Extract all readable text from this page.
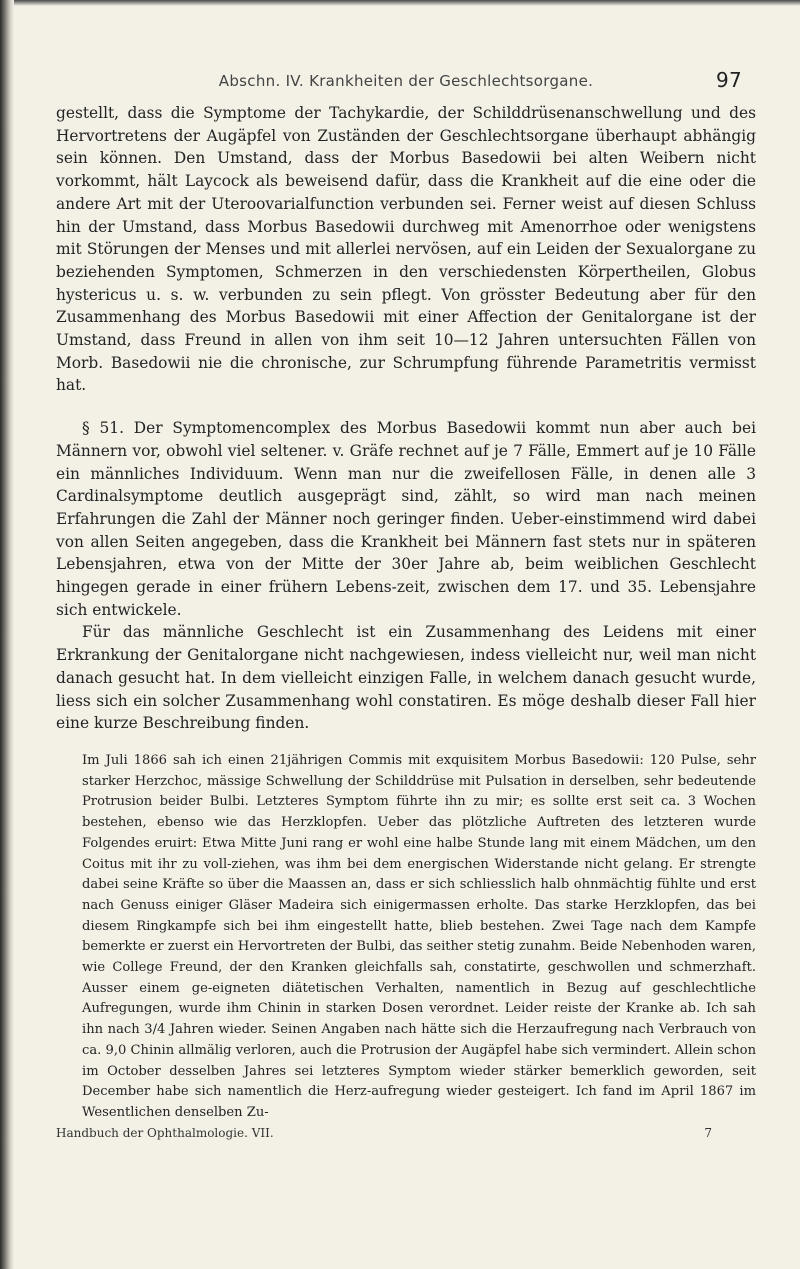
Abschn. IV. Krankheiten der Geschlechtsorgane.	97

gestellt, dass die Symptome der Tachykardie, der Schilddrüsenanschwellung und des Hervortretens der Augäpfel von Zuständen der Geschlechtsorgane überhaupt abhängig sein können. Den Umstand, dass der Morbus Basedowii bei alten Weibern nicht vorkommt, hält Laycock als beweisend dafür, dass die Krankheit auf die eine oder die andere Art mit der Uteroovarialfunction verbunden sei. Ferner weist auf diesen Schluss hin der Umstand, dass Morbus Basedowii durchweg mit Amenorrhoe oder wenigstens mit Störungen der Menses und mit allerlei nervösen, auf ein Leiden der Sexualorgane zu beziehenden Symptomen, Schmerzen in den verschiedensten Körpertheilen, Globus hystericus u. s. w. verbunden zu sein pflegt. Von grösster Bedeutung aber für den Zusammenhang des Morbus Basedowii mit einer Affection der Genitalorgane ist der Umstand, dass Freund in allen von ihm seit 10—12 Jahren untersuchten Fällen von Morb. Basedowii nie die chronische, zur Schrumpfung führende Parametritis vermisst hat.

§ 51. Der Symptomencomplex des Morbus Basedowii kommt nun aber auch bei Männern vor, obwohl viel seltener. v. Gräfe rechnet auf je 7 Fälle, Emmert auf je 10 Fälle ein männliches Individuum. Wenn man nur die zweifellosen Fälle, in denen alle 3 Cardinalsymptome deutlich ausgeprägt sind, zählt, so wird man nach meinen Erfahrungen die Zahl der Männer noch geringer finden. Ueber-einstimmend wird dabei von allen Seiten angegeben, dass die Krankheit bei Männern fast stets nur in späteren Lebensjahren, etwa von der Mitte der 30er Jahre ab, beim weiblichen Geschlecht hingegen gerade in einer frühern Lebens-zeit, zwischen dem 17. und 35. Lebensjahre sich entwickele.

Für das männliche Geschlecht ist ein Zusammenhang des Leidens mit einer Erkrankung der Genitalorgane nicht nachgewiesen, indess vielleicht nur, weil man nicht danach gesucht hat. In dem vielleicht einzigen Falle, in welchem danach gesucht wurde, liess sich ein solcher Zusammenhang wohl constatiren. Es möge deshalb dieser Fall hier eine kurze Beschreibung finden.

Im Juli 1866 sah ich einen 21jährigen Commis mit exquisitem Morbus Basedowii: 120 Pulse, sehr starker Herzchoc, mässige Schwellung der Schilddrüse mit Pulsation in derselben, sehr bedeutende Protrusion beider Bulbi. Letzteres Symptom führte ihn zu mir; es sollte erst seit ca. 3 Wochen bestehen, ebenso wie das Herzklopfen. Ueber das plötzliche Auftreten des letzteren wurde Folgendes eruirt: Etwa Mitte Juni rang er wohl eine halbe Stunde lang mit einem Mädchen, um den Coitus mit ihr zu voll-ziehen, was ihm bei dem energischen Widerstande nicht gelang. Er strengte dabei seine Kräfte so über die Maassen an, dass er sich schliesslich halb ohnmächtig fühlte und erst nach Genuss einiger Gläser Madeira sich einigermassen erholte. Das starke Herzklopfen, das bei diesem Ringkampfe sich bei ihm eingestellt hatte, blieb bestehen. Zwei Tage nach dem Kampfe bemerkte er zuerst ein Hervortreten der Bulbi, das seither stetig zunahm. Beide Nebenhoden waren, wie College Freund, der den Kranken gleichfalls sah, constatirte, geschwollen und schmerzhaft. Ausser einem ge-eigneten diätetischen Verhalten, namentlich in Bezug auf geschlechtliche Aufregungen, wurde ihm Chinin in starken Dosen verordnet. Leider reiste der Kranke ab. Ich sah ihn nach 3/4 Jahren wieder. Seinen Angaben nach hätte sich die Herzaufregung nach Verbrauch von ca. 9,0 Chinin allmälig verloren, auch die Protrusion der Augäpfel habe sich vermindert. Allein schon im October desselben Jahres sei letzteres Symptom wieder stärker bemerklich geworden, seit December habe sich namentlich die Herz-aufregung wieder gesteigert. Ich fand im April 1867 im Wesentlichen denselben Zu-

Handbuch der Ophthalmologie. VII.	7
